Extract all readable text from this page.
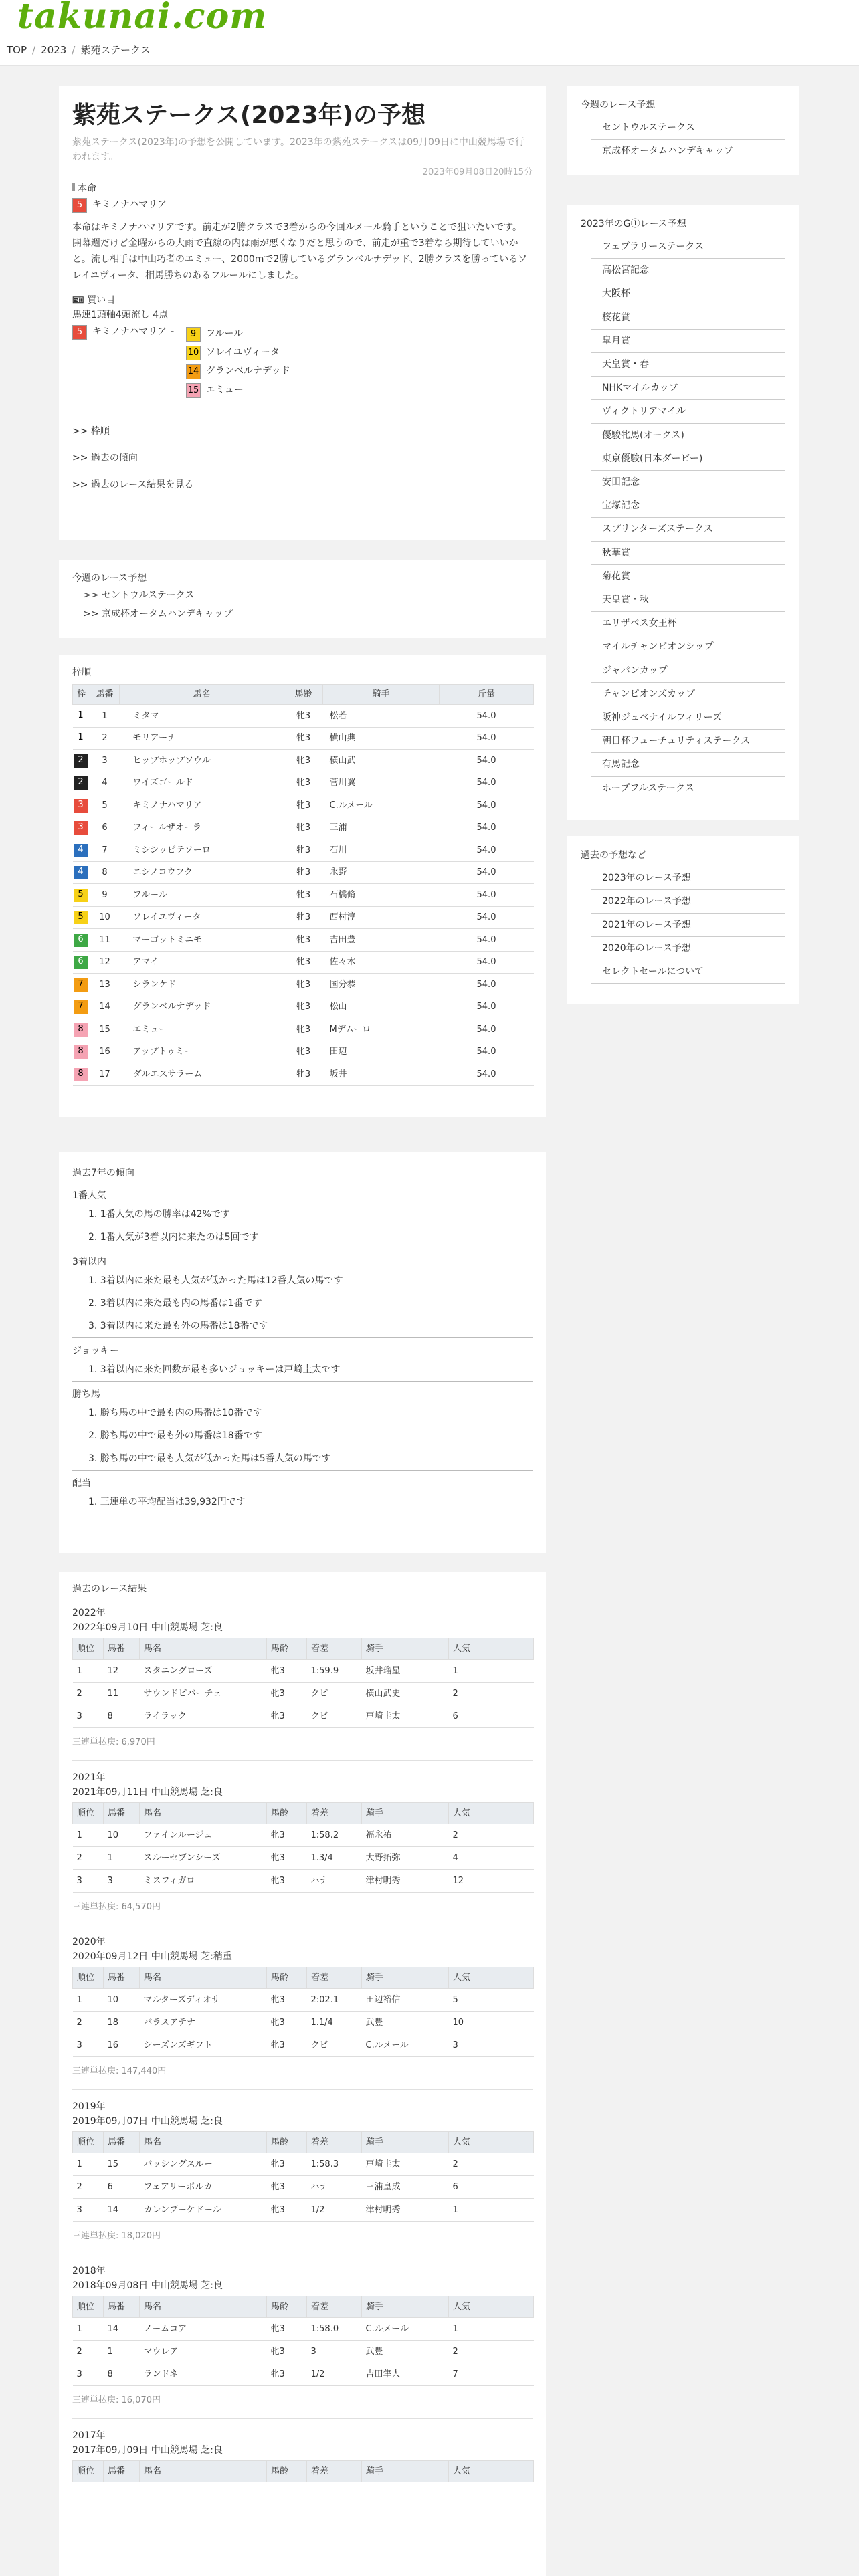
takunai.com
TOP / 2023 / 紫苑ステークス
紫苑ステークス(2023年)の予想
紫苑ステークス(2023年)の予想を公開しています。2023年の紫苑ステークスは09月09日に中山競馬場で行われます。
2023年09月08日20時15分
本命
5	キミノナハマリア
本命はキミノナハマリアです。前走が2勝クラスで3着からの今回ルメール騎手ということで狙いたいです。開幕週だけど金曜からの大雨で直線の内は雨が悪くなりだと思うので、前走が重で3着なら期待していいかと。流し相手は中山巧者のエミュー、2000mで2勝しているグランベルナデッド、2勝クラスを勝っているソレイユヴィータ、相馬勝ちのあるフルールにしました。
🎫︎ 買い目
馬連1頭軸4頭流し 4点
5	キミノナハマリア -	9	フルール
10 ソレイユヴィータ
14 グランベルナデッド
15 エミュー
>> 枠順
>> 過去の傾向
>> 過去のレース結果を見る
今週のレース予想
>> セントウルステークス
>> 京成杯オータムハンデキャップ
枠順
枠	馬番	馬名	馬齢	騎手	斤量
1	1	ミタマ	牝3	松若	54.0
1	2	モリアーナ	牝3	横山典	54.0
2	3	ヒップホップソウル	牝3	横山武	54.0
2	4	ワイズゴールド	牝3	菅川翼	54.0
3	5	キミノナハマリア	牝3	C.ルメール	54.0
3	6	フィールザオーラ	牝3	三浦	54.0
4	7	ミシシッピテソーロ	牝3	石川	54.0
4	8	ニシノコウフク	牝3	永野	54.0
5	9	フルール	牝3	石橋脩	54.0
5	10	ソレイユヴィータ	牝3	西村淳	54.0
6	11	マーゴットミニモ	牝3	吉田豊	54.0
6	12	アマイ	牝3	佐々木	54.0
7	13	シランケド	牝3	国分恭	54.0
7	14	グランベルナデッド	牝3	松山	54.0
8	15	エミュー	牝3	Mデムーロ	54.0
8	16	アップトゥミー	牝3	田辺	54.0
8	17	ダルエスサラーム	牝3	坂井	54.0
過去7年の傾向
1番人気
1. 1番人気の馬の勝率は42%です
2. 1番人気が3着以内に来たのは5回です
3着以内
1. 3着以内に来た最も人気が低かった馬は12番人気の馬です
2. 3着以内に来た最も内の馬番は1番です
3. 3着以内に来た最も外の馬番は18番です
ジョッキー
1. 3着以内に来た回数が最も多いジョッキーは戸崎圭太です
勝ち馬
1. 勝ち馬の中で最も内の馬番は10番です
2. 勝ち馬の中で最も外の馬番は18番です
3. 勝ち馬の中で最も人気が低かった馬は5番人気の馬です
配当
1. 三連単の平均配当は39,932円です
過去のレース結果
2022年
2022年09月10日 中山競馬場 芝:良
順位	馬番	馬名	馬齢	着差	騎手	人気
1	12	スタニングローズ	牝3	1:59.9	坂井瑠星	1
2	11	サウンドビバーチェ	牝3	クビ	横山武史	2
3	8	ライラック	牝3	クビ	戸崎圭太	6
三連単払戻: 6,970円
2021年
2021年09月11日 中山競馬場 芝:良
順位	馬番	馬名	馬齢	着差	騎手	人気
1	10	ファインルージュ	牝3	1:58.2	福永祐一	2
2	1	スルーセブンシーズ	牝3	1.3/4	大野拓弥	4
3	3	ミスフィガロ	牝3	ハナ	津村明秀	12
三連単払戻: 64,570円
2020年
2020年09月12日 中山競馬場 芝:稍重
順位	馬番	馬名	馬齢	着差	騎手	人気
1	10	マルターズディオサ	牝3	2:02.1	田辺裕信	5
2	18	パラスアテナ	牝3	1.1/4	武豊	10
3	16	シーズンズギフト	牝3	クビ	C.ルメール	3
三連単払戻: 147,440円
2019年
2019年09月07日 中山競馬場 芝:良
順位	馬番	馬名	馬齢	着差	騎手	人気
1	15	パッシングスルー	牝3	1:58.3	戸崎圭太	2
2	6	フェアリーポルカ	牝3	ハナ	三浦皇成	6
3	14	カレンブーケドール	牝3	1/2	津村明秀	1
三連単払戻: 18,020円
2018年
2018年09月08日 中山競馬場 芝:良
順位	馬番	馬名	馬齢	着差	騎手	人気
1	14	ノームコア	牝3	1:58.0	C.ルメール	1
2	1	マウレア	牝3	3	武豊	2
3	8	ランドネ	牝3	1/2	吉田隼人	7
三連単払戻: 16,070円
2017年
2017年09月09日 中山競馬場 芝:良
順位	馬番	馬名	馬齢	着差	騎手	人気
今週のレース予想
セントウルステークス
京成杯オータムハンデキャップ
2023年のGⒾレース予想
フェブラリーステークス
高松宮記念
大阪杯
桜花賞
皐月賞
天皇賞・春
NHKマイルカップ
ヴィクトリアマイル
優駿牝馬(オークス)
東京優駿(日本ダービー)
安田記念
宝塚記念
スプリンターズステークス
秋華賞
菊花賞
天皇賞・秋
エリザベス女王杯
マイルチャンピオンシップ
ジャパンカップ
チャンピオンズカップ
阪神ジュベナイルフィリーズ
朝日杯フューチュリティステークス
有馬記念
ホープフルステークス
過去の予想など
2023年のレース予想
2022年のレース予想
2021年のレース予想
2020年のレース予想
セレクトセールについて
